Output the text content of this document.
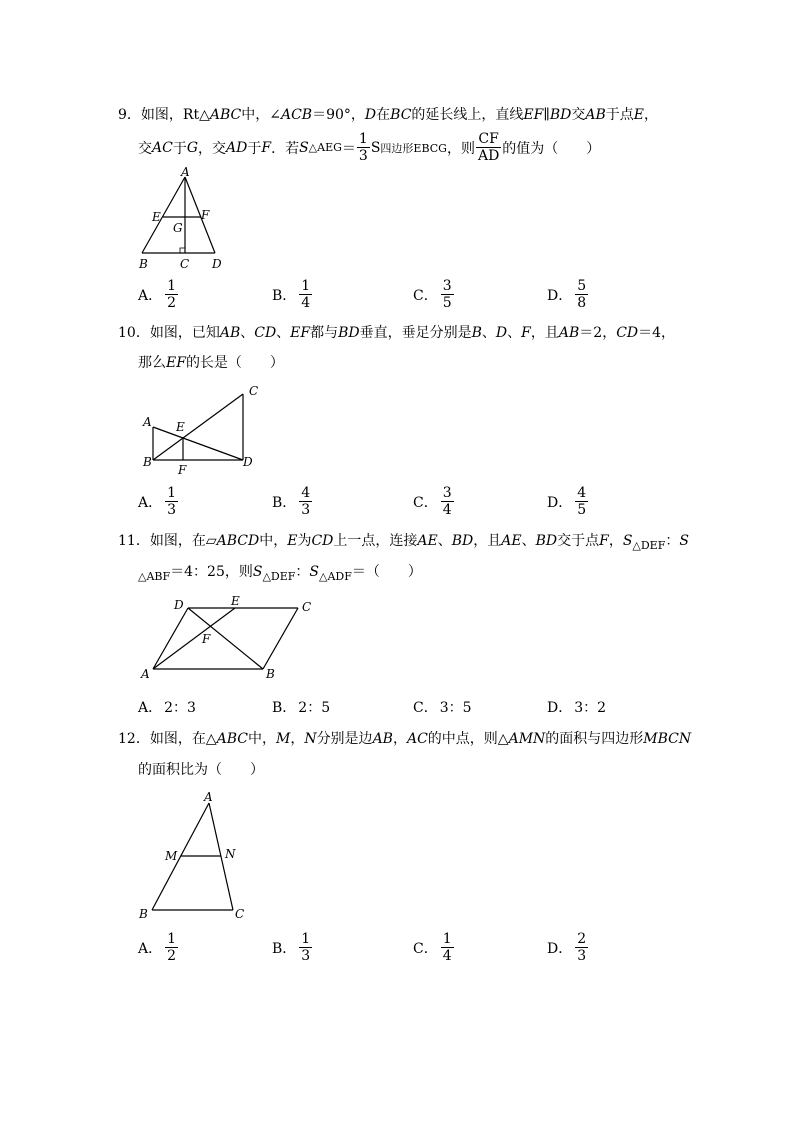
9．如图，Rt△ABC中，∠ACB＝90°，D在BC的延长线上，直线EF∥BD交AB于点E，
交 AC 于 G ，交 AD 于 F ．若 S △AEG ＝ $\frac{1}{3}$ S 四边形EBCG ，则 $\frac{CF}{AD}$ 的值为（　　）
A
E	F
G
B	C D
A． $\frac{1}{2}$	B． $\frac{1}{4}$	C． $\frac{3}{5}$	D． $\frac{5}{8}$
10．如图，已知AB、CD、EF都与BD垂直，垂足分别是B、D、F，且AB＝2，CD＝4，
那么EF的长是（　　）
C
A E
B
F
D
A． $\frac{1}{3}$	B． $\frac{4}{3}$	C． $\frac{3}{4}$	D． $\frac{4}{5}$
11．如图，在▱ABCD中，E为CD上一点，连接AE、BD，且AE、BD交于点F，$S_{\triangle DEF}$：S
$_{\triangle ABF}$＝4：25，则$S_{\triangle DEF}$：$S_{\triangle ADF}=$（　　）
D	E	C
F
A	B
A． 2：3	B． 2：5	C． 3：5	D． 3：2
12．如图，在△ABC中，M，N分别是边AB，AC的中点，则△AMN的面积与四边形MBCN
的面积比为（　　）
A
M	N
B	C
A． $\frac{1}{2}$	B． $\frac{1}{3}$	C． $\frac{1}{4}$	D． $\frac{2}{3}$
